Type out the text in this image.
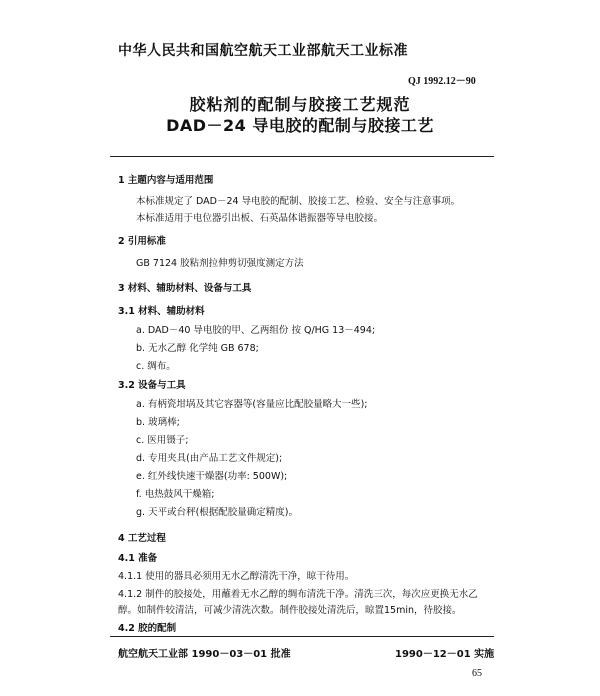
中华人民共和国航空航天工业部航天工业标准
QJ 1992.12－90
胶粘剂的配制与胶接工艺规范
DAD－24 导电胶的配制与胶接工艺
1 主题内容与适用范围
本标准规定了 DAD－24 导电胶的配制、胶接工艺、检验、安全与注意事项。
本标准适用于电位器引出板、石英晶体谐振器等导电胶接。
2 引用标准
GB 7124 胶粘剂拉伸剪切强度测定方法
3 材料、辅助材料、设备与工具
3.1 材料、辅助材料
a. DAD－40 导电胶的甲、乙两组份 按 Q/HG 13－494;
b. 无水乙醇 化学纯 GB 678;
c. 绸布。
3.2 设备与工具
a. 有柄瓷坩埚及其它容器等(容量应比配胶量略大一些);
b. 玻璃棒;
c. 医用镊子;
d. 专用夹具(由产品工艺文件规定);
e. 红外线快速干燥器(功率: 500W);
f. 电热鼓风干燥箱;
g. 天平或台秤(根据配胶量确定精度)。
4 工艺过程
4.1 准备
4.1.1 使用的器具必须用无水乙醇清洗干净，晾干待用。
4.1.2 制件的胶接处，用蘸着无水乙醇的绸布清洗干净。清洗三次，每次应更换无水乙
醇。如制件较清洁，可减少清洗次数。制件胶接处清洗后，晾置15min，待胶接。
4.2 胶的配制
航空航天工业部 1990－03－01 批准	1990－12－01 实施
65
